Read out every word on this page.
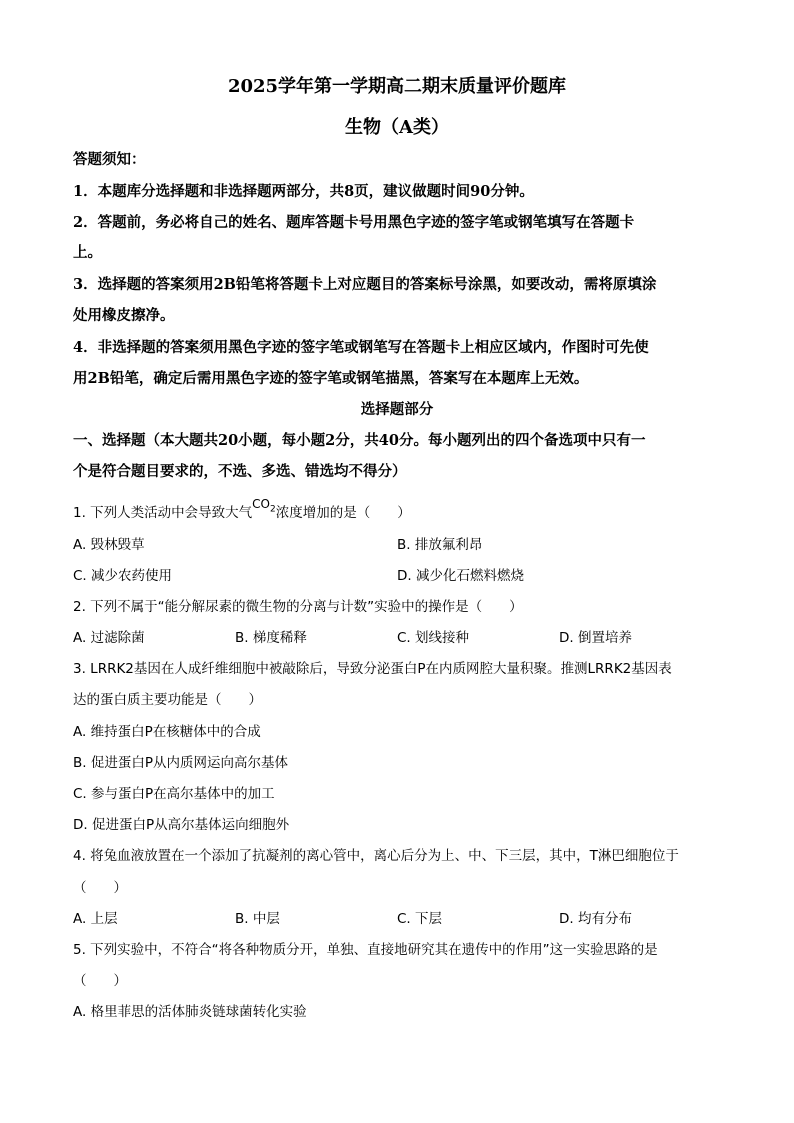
2025学年第一学期高二期末质量评价题库
生物（A类）
答题须知：
1．本题库分选择题和非选择题两部分，共8页，建议做题时间90分钟。
2．答题前，务必将自己的姓名、题库答题卡号用黑色字迹的签字笔或钢笔填写在答题卡
上。
3．选择题的答案须用2B铅笔将答题卡上对应题目的答案标号涂黑，如要改动，需将原填涂
处用橡皮擦净。
4．非选择题的答案须用黑色字迹的签字笔或钢笔写在答题卡上相应区域内，作图时可先使
用2B铅笔，确定后需用黑色字迹的签字笔或钢笔描黑，答案写在本题库上无效。
选择题部分
一、选择题（本大题共20小题，每小题2分，共40分。每小题列出的四个备选项中只有一
个是符合题目要求的，不选、多选、错选均不得分）
1. 下列人类活动中会导致大气$CO_2$浓度增加的是（　　）
A. 毁林毁草	B. 排放氟利昂
C. 减少农药使用	D. 减少化石燃料燃烧
2. 下列不属于“能分解尿素的微生物的分离与计数”实验中的操作是（　　）
A. 过滤除菌	B. 梯度稀释	C. 划线接种	D. 倒置培养
3. LRRK2基因在人成纤维细胞中被敲除后，导致分泌蛋白P在内质网腔大量积聚。推测LRRK2基因表
达的蛋白质主要功能是（　　）
A. 维持蛋白P在核糖体中的合成
B. 促进蛋白P从内质网运向高尔基体
C. 参与蛋白P在高尔基体中的加工
D. 促进蛋白P从高尔基体运向细胞外
4. 将兔血液放置在一个添加了抗凝剂的离心管中，离心后分为上、中、下三层，其中，T淋巴细胞位于
（　　）
A. 上层	B. 中层	C. 下层	D. 均有分布
5. 下列实验中，不符合“将各种物质分开，单独、直接地研究其在遗传中的作用”这一实验思路的是
（　　）
A. 格里菲思的活体肺炎链球菌转化实验
